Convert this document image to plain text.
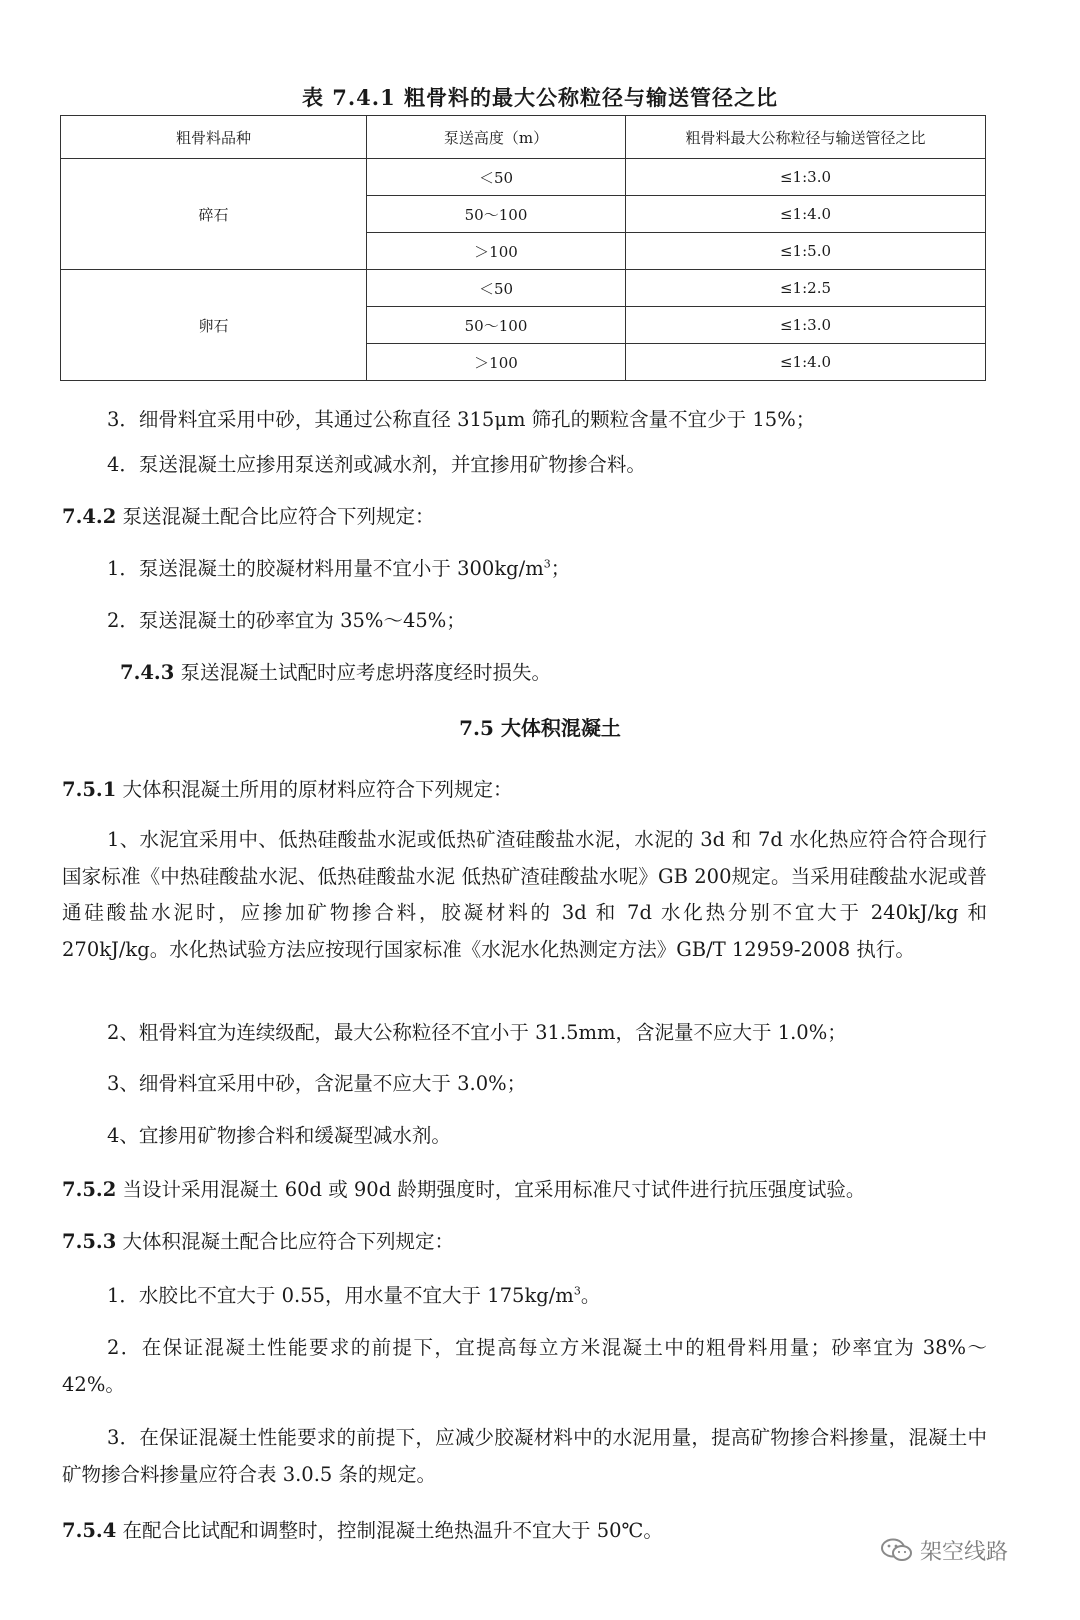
表 7.4.1 粗骨料的最大公称粒径与输送管径之比
粗骨料品种	泵送高度（m）	粗骨料最大公称粒径与输送管径之比
碎石	＜50	≤1:3.0
	50～100	≤1:4.0
	＞100	≤1:5.0
卵石	＜50	≤1:2.5
	50～100	≤1:3.0
	＞100	≤1:4.0
3．细骨料宜采用中砂，其通过公称直径 315μm 筛孔的颗粒含量不宜少于 15%；
4．泵送混凝土应掺用泵送剂或减水剂，并宜掺用矿物掺合料。
7.4.2 泵送混凝土配合比应符合下列规定：
1．泵送混凝土的胶凝材料用量不宜小于 $300kg/m^3$；
2．泵送混凝土的砂率宜为 35%～45%；
7.4.3 泵送混凝土试配时应考虑坍落度经时损失。
7.5 大体积混凝土
7.5.1 大体积混凝土所用的原材料应符合下列规定：
1、水泥宜采用中、低热硅酸盐水泥或低热矿渣硅酸盐水泥，水泥的 3d 和 7d 水化热应符合符合现行国家标准《中热硅酸盐水泥、低热硅酸盐水泥 低热矿渣硅酸盐水呢》GB 200规定。当采用硅酸盐水泥或普通硅酸盐水泥时，应掺加矿物掺合料，胶凝材料的 3d 和 7d 水化热分别不宜大于 240kJ/kg 和 270kJ/kg。水化热试验方法应按现行国家标准《水泥水化热测定方法》GB/T 12959-2008 执行。
2、粗骨料宜为连续级配，最大公称粒径不宜小于 31.5mm，含泥量不应大于 1.0%；
3、细骨料宜采用中砂，含泥量不应大于 3.0%；
4、宜掺用矿物掺合料和缓凝型减水剂。
7.5.2 当设计采用混凝土 60d 或 90d 龄期强度时，宜采用标准尺寸试件进行抗压强度试验。
7.5.3 大体积混凝土配合比应符合下列规定：
1．水胶比不宜大于 0.55，用水量不宜大于 $175kg/m^3$。
2．在保证混凝土性能要求的前提下，宜提高每立方米混凝土中的粗骨料用量；砂率宜为 38%～42%。
3．在保证混凝土性能要求的前提下，应减少胶凝材料中的水泥用量，提高矿物掺合料掺量，混凝土中矿物掺合料掺量应符合表 3.0.5 条的规定。
7.5.4 在配合比试配和调整时，控制混凝土绝热温升不宜大于 50℃。
架空线路
